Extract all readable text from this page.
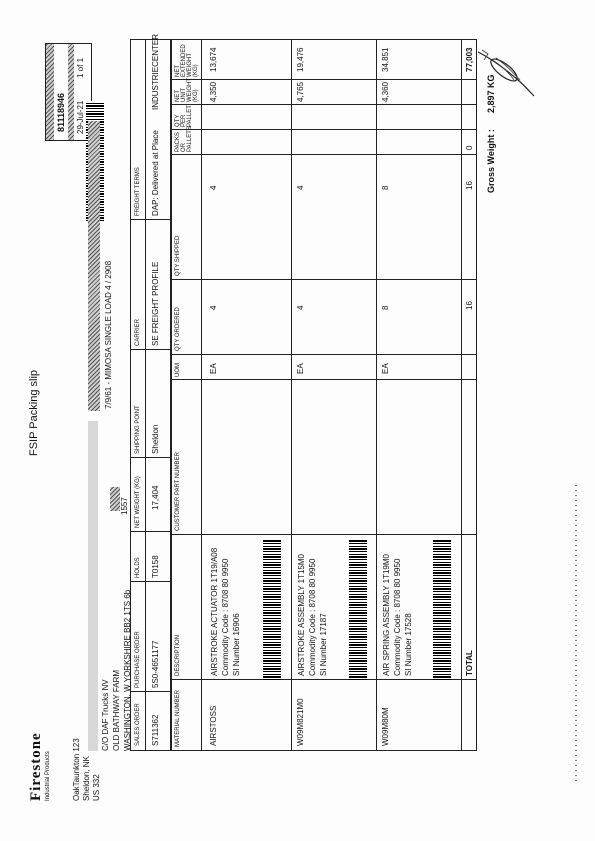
Firestone Industrial Products	OakTaunkton 123 Sheldon, NK US 332
FSIP Packing slip
81118946 29-Jul-21
1 of 1
C/O DAF Trucks NV OLD BATHWAY FARM WASHINGTON, W YORKSHIRE BB2 1TS 6b
7/9/61 - MIMOSA SINGLE LOAD 4 / 2908
1557
SALES ORDER
PURCHASE ORDER
HOLDS
NET WEIGHT (KG)
SHIPPING POINT
CARRIER
FREIGHT TERMS
S711362
5S0-4651177
T0158
17,404
Sheldon
SE FREIGHT PROFILE
DAP: Delivered at Place
INDUSTRIECENTER
MATERIAL NUMBER
DESCRIPTION
CUSTOMER PART NUMBER
UOM
QTY ORDERED
QTY SHIPPED
PACKS OR PALLETS
QTY PER PALLET
NET UNIT WEIGHT (KG)
NET EXTENDED WEIGHT (KG)
AIRSTOSS
AIRSTROKE ACTUATOR 1T19/A08 Commodity Code : 8708 80 9950 SI Number 16906
EA
4
4
4,350
13,674
W09M821M0
AIRSTROKE ASSEMBLY 1T15M0 Commodity Code : 8708 80 9950 SI Number 17187
EA
4
4
4,765
19,476
W09M80M
AIR SPRING ASSEMBLY 1T19M0 Commodity Code : 8708 80 9950 SI Number 17528
EA
8
8
4,360
34,851
TOTAL
16
16
0
77,003
Gross Weight :
2,897 KG
